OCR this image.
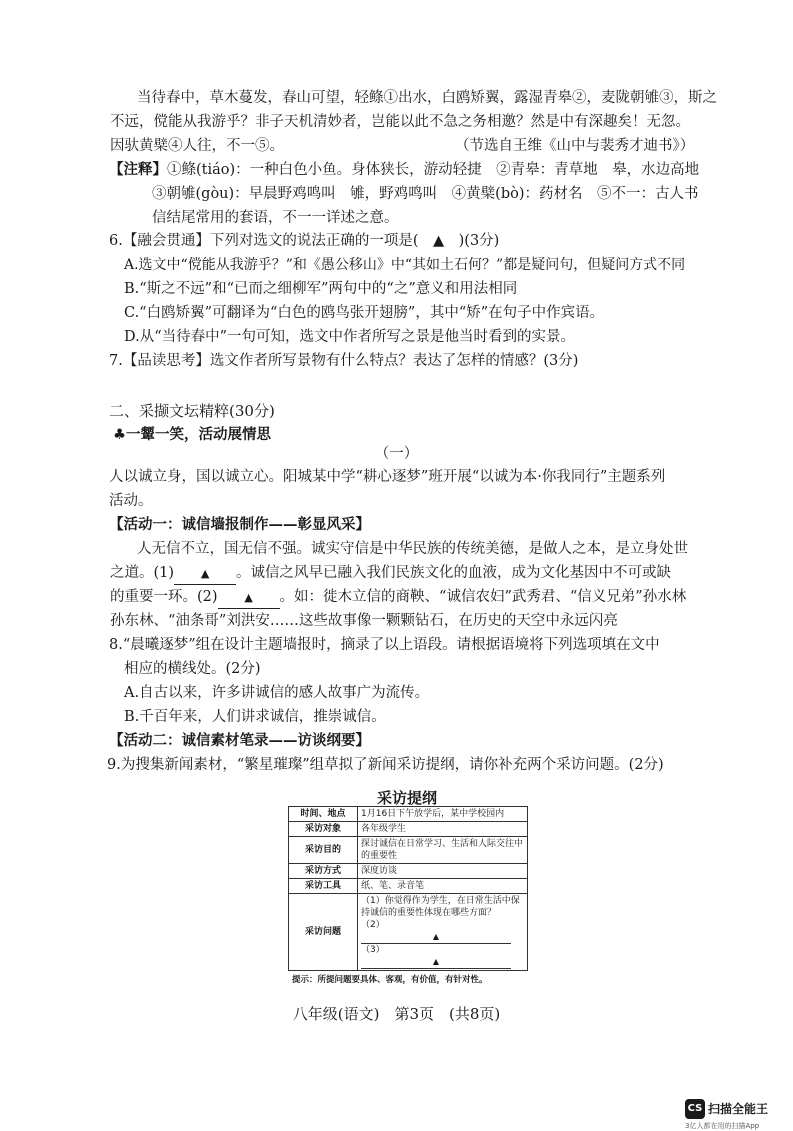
当待春中，草木蔓发，春山可望，轻鲦①出水，白鸥矫翼，露湿青皋②，麦陇朝雊③，斯之
不远，傥能从我游乎？非子天机清妙者，岂能以此不急之务相邀？然是中有深趣矣！无忽。
因驮黄檗④人往，不一⑤。	（节选自王维《山中与裴秀才迪书》）
【注释】①鲦(tiáo)：一种白色小鱼。身体狭长，游动轻捷　②青皋：青草地　皋，水边高地
③朝雊(gòu)：早晨野鸡鸣叫　雊，野鸡鸣叫　④黄檗(bò)：药材名　⑤不一：古人书
信结尾常用的套语，不一一详述之意。
6.【融会贯通】下列对选文的说法正确的一项是(　▲　)(3分)
A.选文中“傥能从我游乎？”和《愚公移山》中“其如土石何？”都是疑问句，但疑问方式不同
B.“斯之不远”和“已而之细柳军”两句中的“之”意义和用法相同
C.“白鸥矫翼”可翻译为“白色的鸥鸟张开翅膀”，其中“矫”在句子中作宾语。
D.从“当待春中”一句可知，选文中作者所写之景是他当时看到的实景。
7.【品读思考】选文作者所写景物有什么特点？表达了怎样的情感？(3分)
二、采撷文坛精粹(30分)
♣一颦一笑，活动展情思
（一）
人以诚立身，国以诚立心。阳城某中学“耕心逐梦”班开展“以诚为本·你我同行”主题系列
活动。
【活动一：诚信墙报制作——彰显风采】
人无信不立，国无信不强。诚实守信是中华民族的传统美德，是做人之本，是立身处世
之道。(1) ▲ 。诚信之风早已融入我们民族文化的血液，成为文化基因中不可或缺
的重要一环。(2) ▲ 。如：徙木立信的商鞅、“诚信农妇”武秀君、“信义兄弟”孙水林
孙东林、“油条哥”刘洪安……这些故事像一颗颗钻石，在历史的天空中永远闪亮
8.“晨曦逐梦”组在设计主题墙报时，摘录了以上语段。请根据语境将下列选项填在文中
相应的横线处。(2分)
A.自古以来，许多讲诚信的感人故事广为流传。
B.千百年来，人们讲求诚信，推崇诚信。
【活动二：诚信素材笔录——访谈纲要】
9.为搜集新闻素材，“繁星璀璨”组草拟了新闻采访提纲，请你补充两个采访问题。(2分)
采访提纲
时间、地点	1月16日下午放学后，某中学校园内
采访对象	各年级学生
采访目的	探讨诚信在日常学习、生活和人际交往中的重要性
采访方式	深度访谈
采访工具	纸、笔、录音笔
采访问题	（1）你觉得作为学生，在日常生活中保持诚信的重要性体现在哪些方面？
（2）▲
（3）▲
提示：所提问题要具体、客观，有价值，有针对性。
八年级(语文)　第3页　(共8页)
CS 扫描全能王
3亿人都在用的扫描App
